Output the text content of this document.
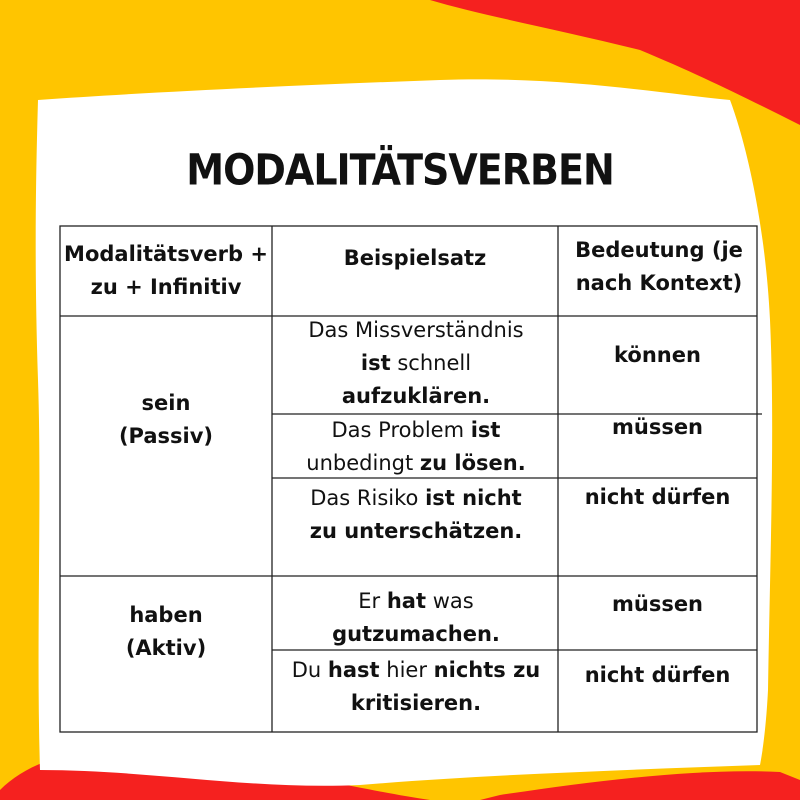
MODALITÄTSVERBEN
Modalitätsverb + zu + Infinitiv
Beispielsatz	Bedeutung (je nach Kontext)
sein
(Passiv)
Das Missverständnis
ist schnell
aufzuklären.
können
Das Problem ist
unbedingt zu lösen.
müssen
Das Risiko ist nicht
zu unterschätzen.
nicht dürfen
haben
(Aktiv)
Er hat was
gutzumachen.
müssen
Du hast hier nichts zu kritisieren.
nicht dürfen
